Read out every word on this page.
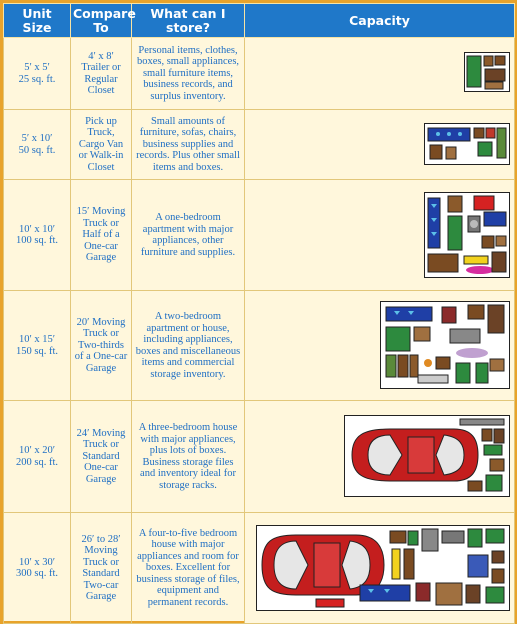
Unit Size	Compare To	What can I store?	Capacity

5′ x 5′
25 sq. ft.	4′ x 8′ Trailer or Regular Closet	Personal items, clothes, boxes, small appliances, small furniture items, business records, and surplus inventory.	

5′ x 10′
50 sq. ft.	Pick up Truck, Cargo Van or Walk-in Closet	Small amounts of furniture, sofas, chairs, business supplies and records. Plus other small items and boxes.	

10′ x 10′
100 sq. ft.	15′ Moving Truck or Half of a One-car Garage	A one-bedroom apartment with major appliances, other furniture and supplies.	

10′ x 15′
150 sq. ft.	20′ Moving Truck or Two-thirds of a One-car Garage	A two-bedroom apartment or house, including appliances, boxes and miscellaneous items and commercial storage inventory.	

10′ x 20′
200 sq. ft.	24′ Moving Truck or Standard One-car Garage	A three-bedroom house with major appliances, plus lots of boxes. Business storage files and inventory ideal for storage racks.	

10′ x 30′
300 sq. ft.	26′ to 28′ Moving Truck or Standard Two-car Garage	A four-to-five bedroom house with major appliances and room for boxes. Excellent for business storage of files, equipment and permanent records.	
